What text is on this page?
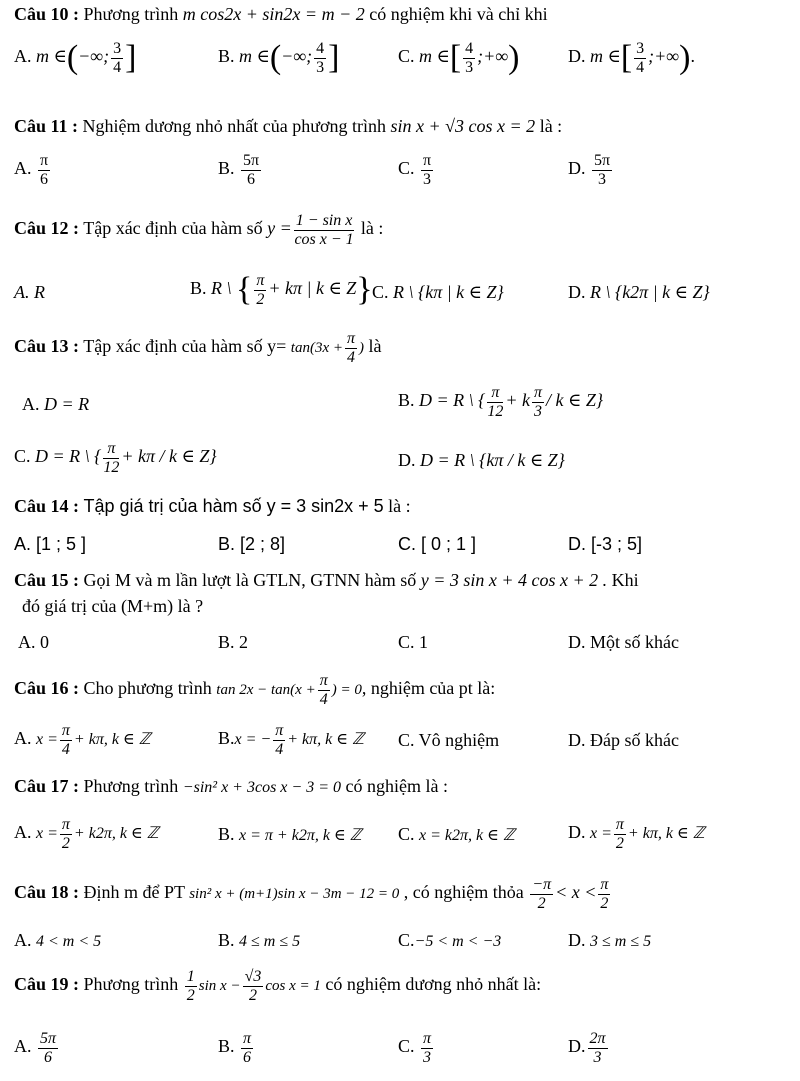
Câu 10 : Phương trình m cos2x + sin2x = m − 2 có nghiệm khi và chỉ khi
A. m ∈(−∞; $\frac{3}{4}$ ]	B. m ∈(−∞; $\frac{4}{3}$ ]	C. m ∈[ $\frac{4}{3}$ ;+∞)	D. m ∈[ $\frac{3}{4}$ ;+∞).
Câu 11 : Nghiệm dương nhỏ nhất của phương trình sin x + √3 cos x = 2 là :
A. $\frac{\pi}{6}$	B. $\frac{5\pi}{6}$	C. $\frac{\pi}{3}$	D. $\frac{5\pi}{3}$
Câu 12 : Tập xác định của hàm số $y = \frac{\text{1 − sin x}}{\text{cos x − 1}}$ là :
A. R	B. R \ { $\frac{\pi}{2} + k\pi$ | k ∈ Z} C. R \ {kπ | k ∈ Z}	D. R \ {k2π | k ∈ Z}
Câu 13 : Tập xác định của hàm số $y= \tan(3x + \frac{\pi}{4}$ ) là
A. D = R	B. D = R \ { $\frac{\pi}{12} + k \frac{\pi}{3} / k$ ∈ Z}
C. D = R \ { $\frac{\pi}{12} + k\pi / k$ ∈ Z}	D. D = R \ {kπ / k ∈ Z}
Câu 14 : Tập giá trị của hàm số y = 3 sin2x + 5 là :
A. [1 ; 5 ]	B. [2 ; 8]	C. [ 0 ; 1 ]	D. [-3 ; 5]
Câu 15 : Gọi M và m lần lượt là GTLN, GTNN hàm số y = 3 sin x + 4 cos x + 2 . Khi
đó giá trị của (M+m) là ?
A. 0	B. 2	C. 1	D. Một số khác
Câu 16 : Cho phương trình $\tan 2x - \tan(x + \frac{\pi}{4}$ ) = 0, nghiệm của pt là:
A. $x = \frac{\pi}{4} + k\pi$, k ∈ ℤ	B.x = − $\frac{\pi}{4} + k\pi$, k ∈ ℤ C. Vô nghiệm	D. Đáp số khác
Câu 17 : Phương trình −sin² x + 3cos x − 3 = 0 có nghiệm là :
A. $x = \frac{\pi}{2} + k2\pi$, k ∈ ℤ	B. x = π + k2π, k ∈ ℤ C. x = k2π, k ∈ ℤ	D. $x = \frac{\pi}{2} + k\pi$, k ∈ ℤ
Câu 18 : Định m để PT sin² x + (m+1)sin x − 3m − 12 = 0 , có nghiệm thỏa $\frac{-\pi}{2} < x < \frac{\pi}{2}$
A. 4 < m < 5	B. 4 ≤ m ≤ 5	C.−5 < m < −3	D. 3 ≤ m ≤ 5
Câu 19 : Phương trình $\frac{1}{2}$ $\sin x - \frac{√3}{2}$ cos x = 1 có nghiệm dương nhỏ nhất là:
A. $\frac{5\pi}{6}$	B. $\frac{\pi}{6}$	C. $\frac{\pi}{3}$	D. $\frac{2\pi}{3}$
